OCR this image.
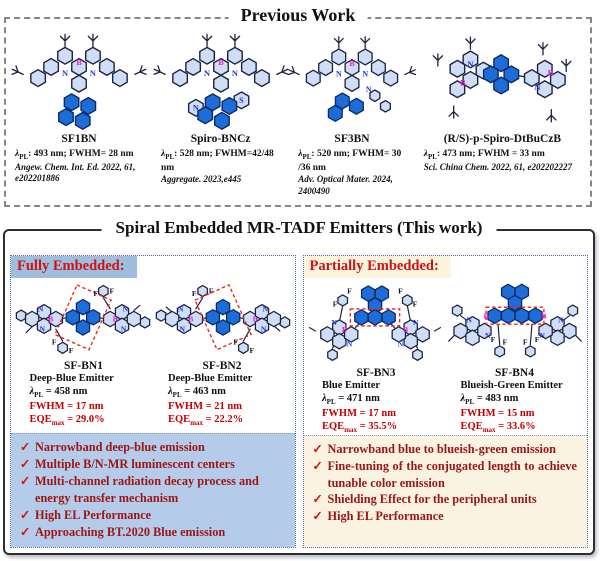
Previous Work
B
N N
SF1BN
B
N N
S
N
Spiro-BNCz
B
N N
N
SF3BN
N
B
B
N
(R/S)-p-Spiro-DtBuCzB
$\lambda_{PL}$: 493 nm; FWHM= 28 nm
Angew. Chem. Int. Ed. 2022, 61, e202201886
$\lambda_{PL}$: 528 nm; FWHM=42/48 nm
Aggregate. 2023,e445
$\lambda_{PL}$: 520 nm; FWHM= 30 /36 nm
Adv. Optical Mater. 2024, 2400490
$\lambda_{PL}$: 473 nm; FWHM = 33 nm
Sci. China Chem. 2022, 61, e202202227
Spiral Embedded MR-TADF Emitters (This work)
Fully Embedded:
B	B
N
N
N
N
F F
F
F
B	B
N
N
N
N
F F
F
F
SF-BN1
Deep-Blue Emitter
$\lambda_{PL} = 458$ nm
FWHM = 17 nm
$EQE_{max} = 29.0\%$
SF-BN2
Deep-Blue Emitter
$\lambda_{PL} = 463$ nm
FWHM = 21 nm
$EQE_{max} = 22.2\%$
✓ Narrowband deep-blue emission
✓ Multiple B/N-MR luminescent centers
✓ Multi-channel radiation decay process and energy transfer mechanism
✓ High EL Performance
✓ Approaching BT.2020 Blue emission
Partially Embedded:
B	B
N
N
N
N
F
F
F
F
B	B
N
N
N
N
F F F F
SF-BN3
Blue Emitter
$\lambda_{PL} = 471$ nm
FWHM = 17 nm
$EQE_{max} = 35.5\%$
SF-BN4
Blueish-Green Emitter
$\lambda_{PL} = 483$ nm
FWHM = 15 nm
$EQE_{max} = 33.6\%$
✓ Narrowband blue to blueish-green emission
✓ Fine-tuning of the conjugated length to achieve tunable color emission
✓ Shielding Effect for the peripheral units
✓ High EL Performance
